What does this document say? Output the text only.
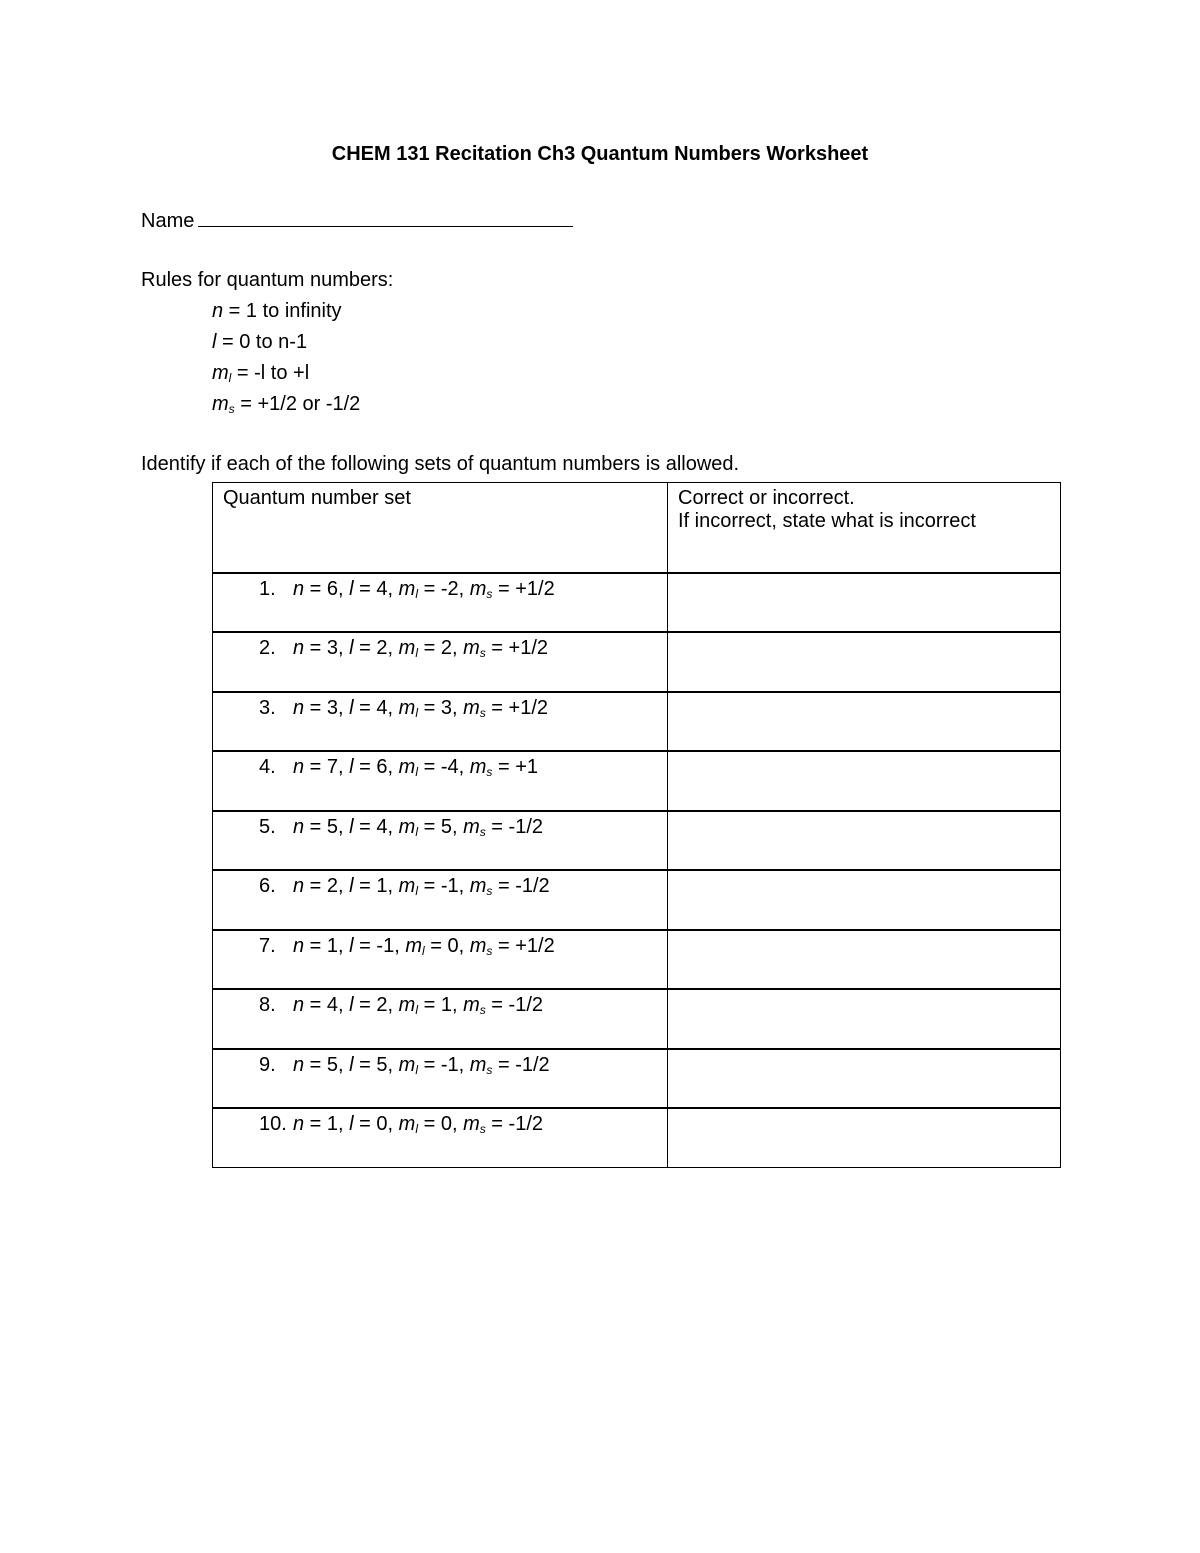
CHEM 131 Recitation Ch3 Quantum Numbers Worksheet
Name
Rules for quantum numbers:
n = 1 to infinity
l = 0 to n-1
$m_l = -l$ to +l
$m_s = +1/2$ or -1/2
Identify if each of the following sets of quantum numbers is allowed.
Quantum number set	Correct or incorrect.
If incorrect, state what is incorrect

1. n = 6, l = 4, $m_l = -2$, $m_s = +1/2$	
2. n = 3, l = 2, $m_l = 2$, $m_s = +1/2$	
3. n = 3, l = 4, $m_l = 3$, $m_s = +1/2$	
4. n = 7, l = 6, $m_l = -4$, $m_s = +1$	
5. n = 5, l = 4, $m_l = 5$, $m_s = -1/2$	
6. n = 2, l = 1, $m_l = -1$, $m_s = -1/2$	
7. n = 1, l = -1, $m_l = 0$, $m_s = +1/2$	
8. n = 4, l = 2, $m_l = 1$, $m_s = -1/2$	
9. n = 5, l = 5, $m_l = -1$, $m_s = -1/2$	
10. n = 1, l = 0, $m_l = 0$, $m_s = -1/2$	
